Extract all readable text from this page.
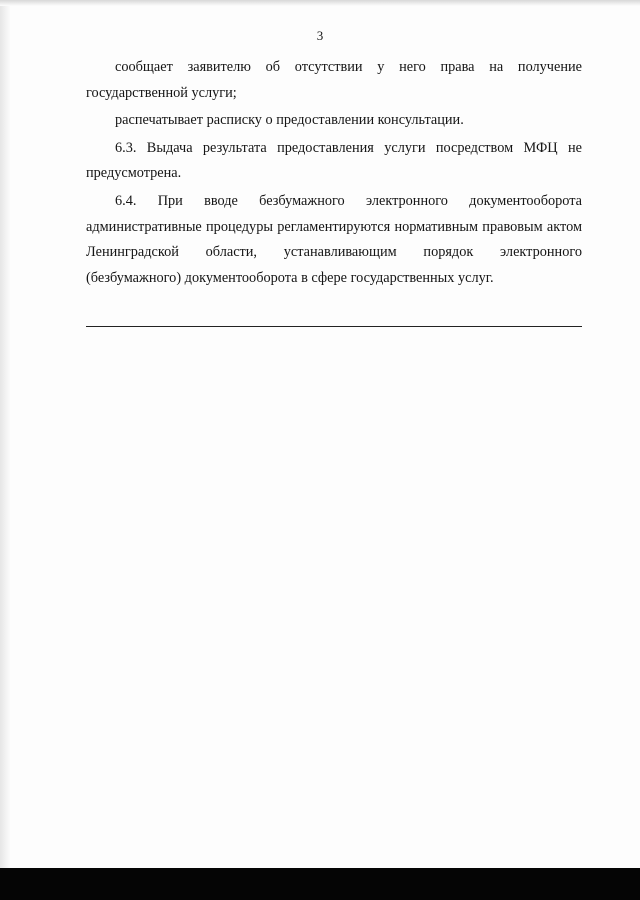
3

сообщает заявителю об отсутствии у него права на получение государственной услуги;

распечатывает расписку о предоставлении консультации.

6.3. Выдача результата предоставления услуги посредством МФЦ не предусмотрена.

6.4. При вводе безбумажного электронного документооборота административные процедуры регламентируются нормативным правовым актом Ленинградской области, устанавливающим порядок электронного (безбумажного) документооборота в сфере государственных услуг.
